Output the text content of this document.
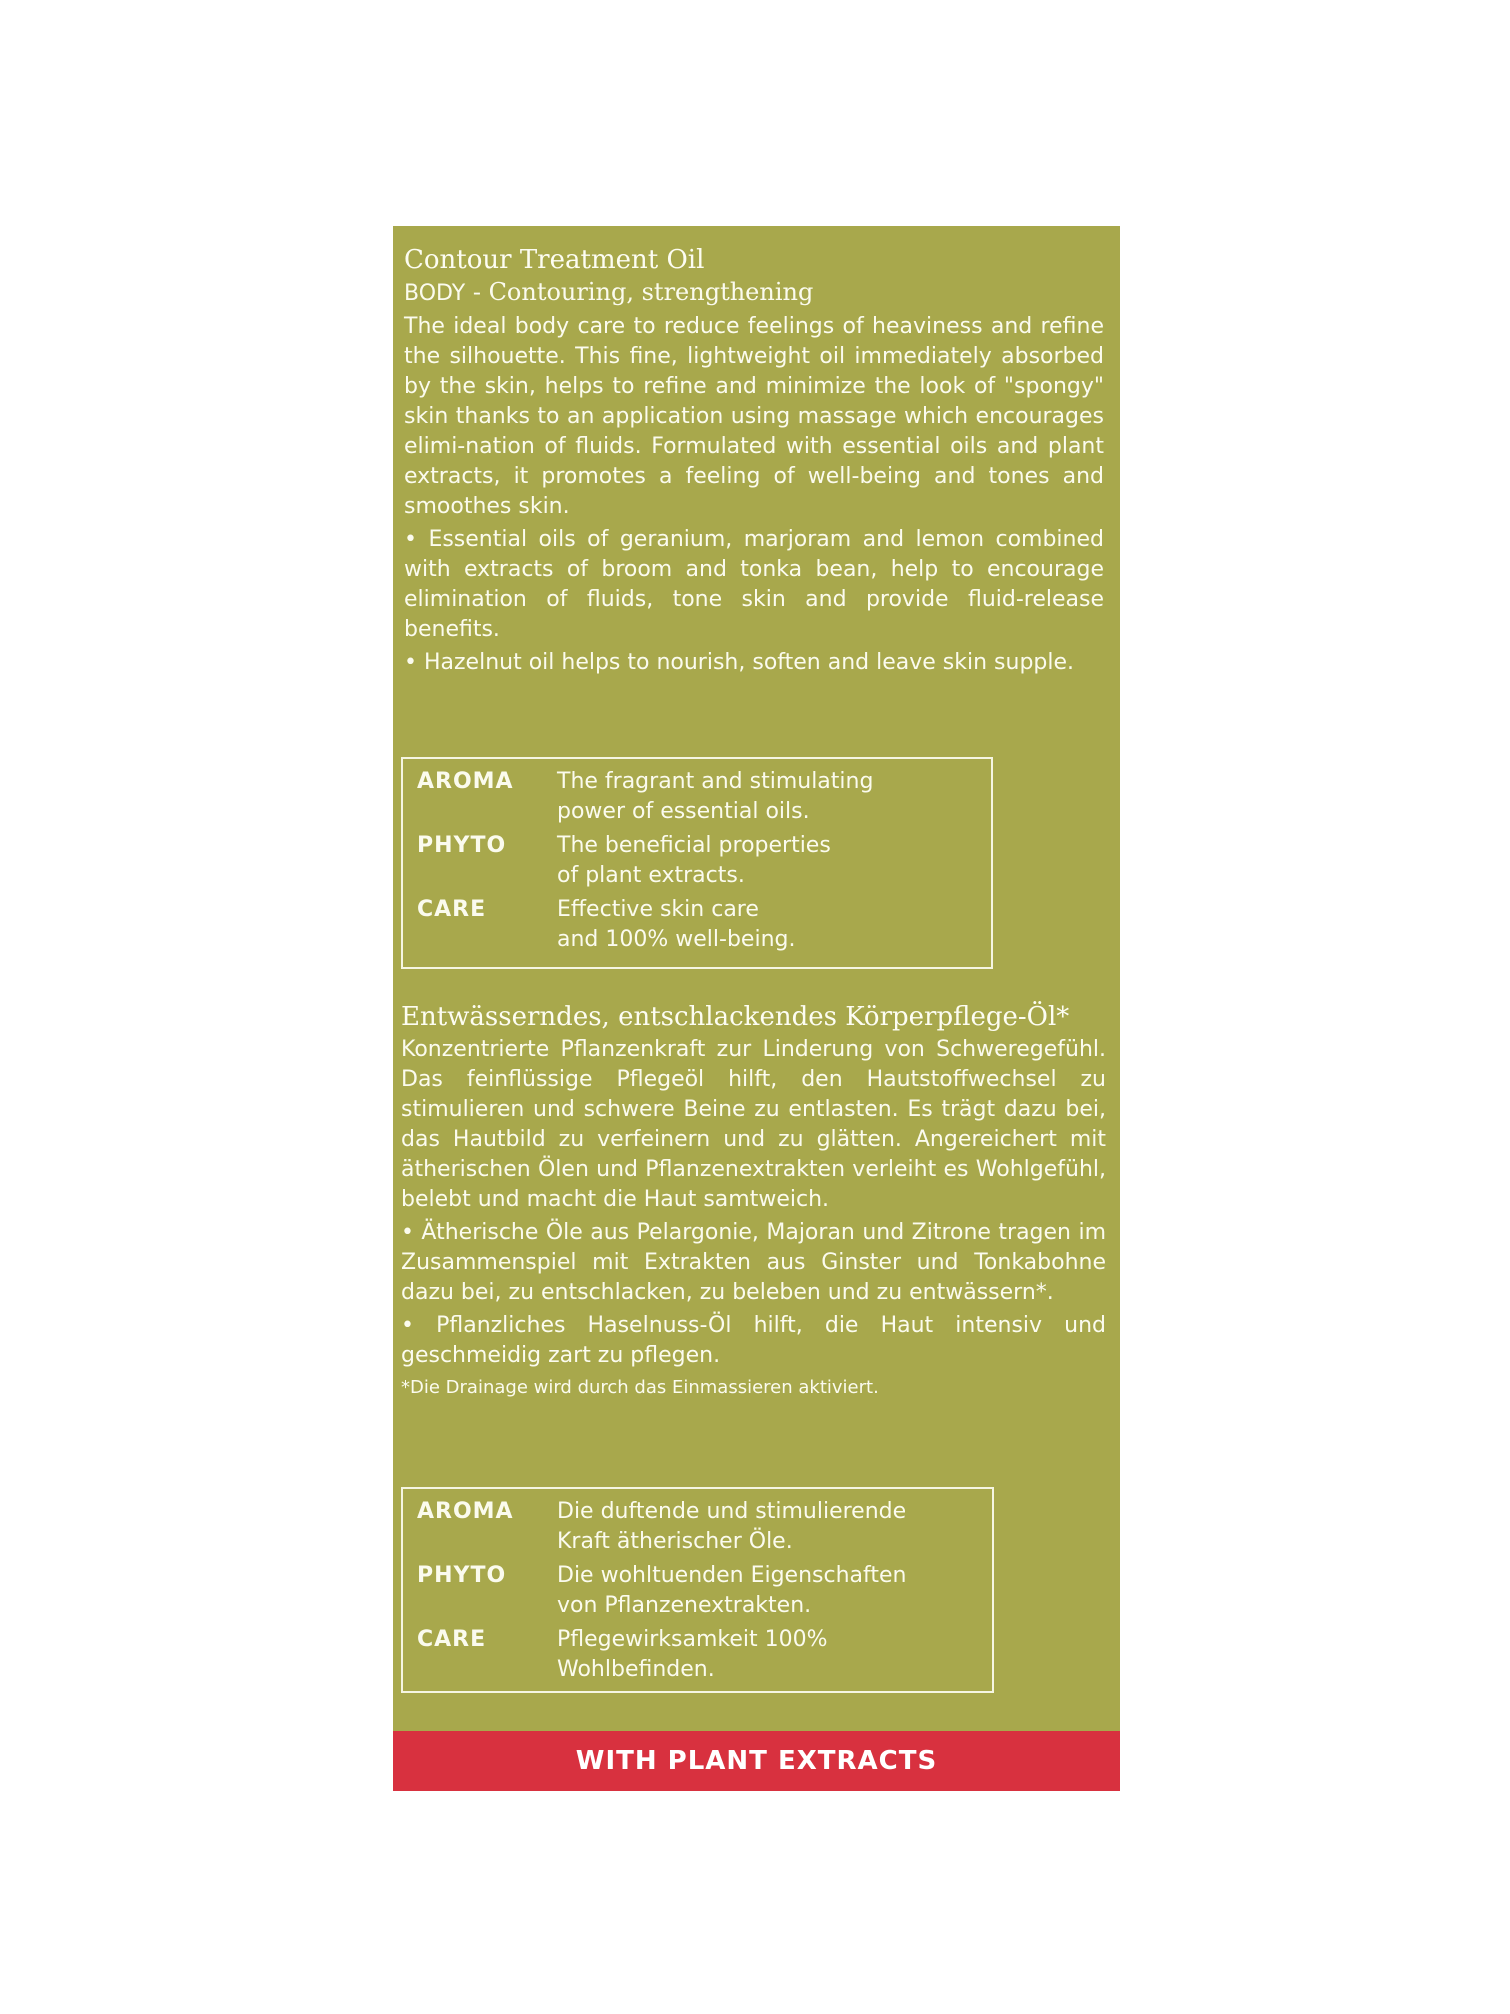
Contour Treatment Oil
BODY - Contouring, strengthening
The ideal body care to reduce feelings of heaviness and refine the silhouette. This fine, lightweight oil immediately absorbed by the skin, helps to refine and minimize the look of "spongy" skin thanks to an application using massage which encourages elimi-nation of fluids. Formulated with essential oils and plant extracts, it promotes a feeling of well-being and tones and smoothes skin.
• Essential oils of geranium, marjoram and lemon combined with extracts of broom and tonka bean, help to encourage elimination of fluids, tone skin and provide fluid-release benefits.
• Hazelnut oil helps to nourish, soften and leave skin supple.
AROMA	The fragrant and stimulating
power of essential oils.
PHYTO	The beneficial properties
of plant extracts.
CARE	Effective skin care
and 100% well-being.
Entwässerndes, entschlackendes Körperpflege-Öl*
Konzentrierte Pflanzenkraft zur Linderung von Schweregefühl. Das feinflüssige Pflegeöl hilft, den Hautstoffwechsel zu stimulieren und schwere Beine zu entlasten. Es trägt dazu bei, das Hautbild zu verfeinern und zu glätten. Angereichert mit ätherischen Ölen und Pflanzenextrakten verleiht es Wohlgefühl, belebt und macht die Haut samtweich.
• Ätherische Öle aus Pelargonie, Majoran und Zitrone tragen im Zusammenspiel mit Extrakten aus Ginster und Tonkabohne dazu bei, zu entschlacken, zu beleben und zu entwässern*.
• Pflanzliches Haselnuss-Öl hilft, die Haut intensiv und geschmeidig zart zu pflegen.
*Die Drainage wird durch das Einmassieren aktiviert.
AROMA	Die duftende und stimulierende
Kraft ätherischer Öle.
PHYTO	Die wohltuenden Eigenschaften
von Pflanzenextrakten.
CARE	Pflegewirksamkeit 100%
Wohlbefinden.
WITH PLANT EXTRACTS
